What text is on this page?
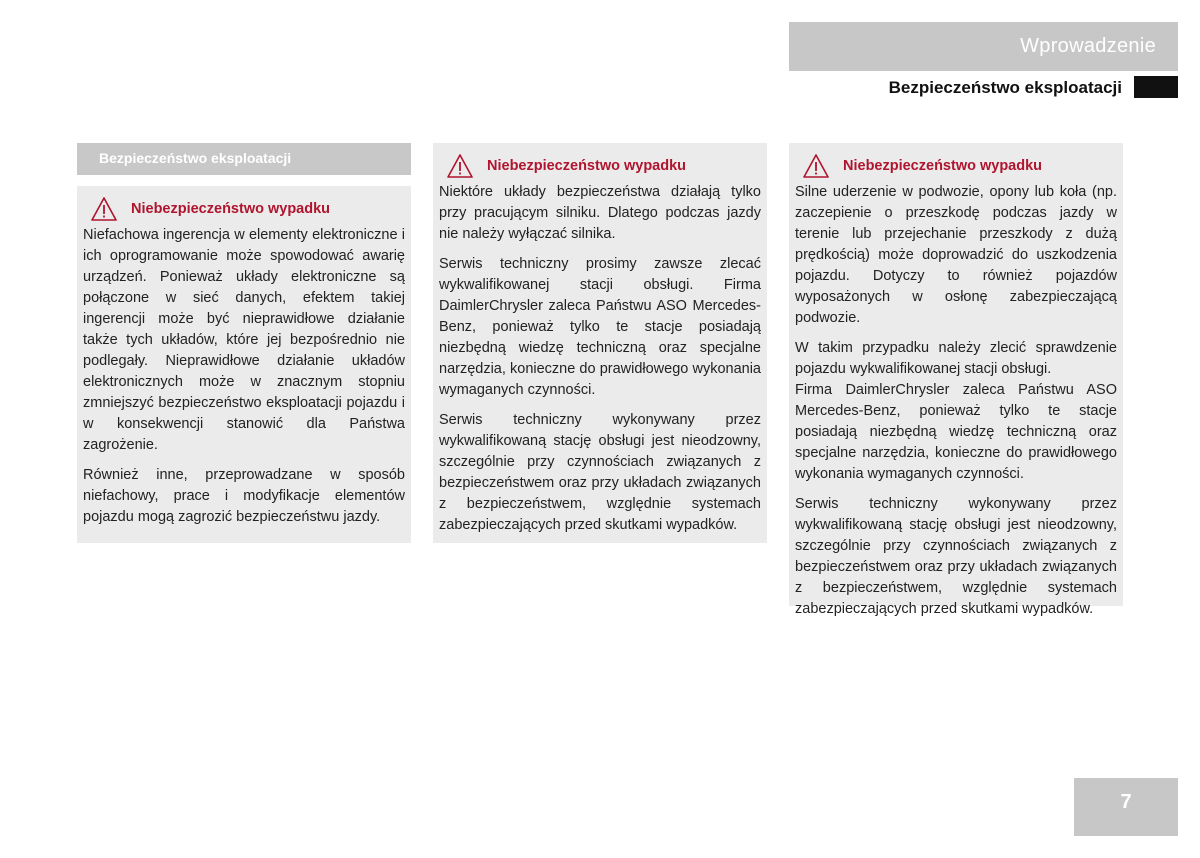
Wprowadzenie
Bezpieczeństwo eksploatacji
Bezpieczeństwo eksploatacji
Niebezpieczeństwo wypadku

Niefachowa ingerencja w elementy elektroniczne i ich oprogramowanie może spowodować awarię urządzeń. Ponieważ układy elektroniczne są połączone w sieć danych, efektem takiej ingerencji może być nieprawidłowe działanie także tych układów, które jej bezpośrednio nie podlegały. Nieprawidłowe działanie układów elektronicznych może w znacznym stopniu zmniejszyć bezpieczeństwo eksploatacji pojazdu i w konsekwencji stanowić dla Państwa zagrożenie.

Również inne, przeprowadzane w sposób niefachowy, prace i modyfikacje elementów pojazdu mogą zagrozić bezpieczeństwu jazdy.

Niebezpieczeństwo wypadku

Niektóre układy bezpieczeństwa działają tylko przy pracującym silniku. Dlatego podczas jazdy nie należy wyłączać silnika.

Serwis techniczny prosimy zawsze zlecać wykwalifikowanej stacji obsługi. Firma DaimlerChrysler zaleca Państwu ASO Mercedes-Benz, ponieważ tylko te stacje posiadają niezbędną wiedzę techniczną oraz specjalne narzędzia, konieczne do prawidłowego wykonania wymaganych czynności.

Serwis techniczny wykonywany przez wykwalifikowaną stację obsługi jest nieodzowny, szczególnie przy czynnościach związanych z bezpieczeństwem oraz przy układach związanych z bezpieczeństwem, względnie systemach zabezpieczających przed skutkami wypadków.

Niebezpieczeństwo wypadku

Silne uderzenie w podwozie, opony lub koła (np. zaczepienie o przeszkodę podczas jazdy w terenie lub przejechanie przeszkody z dużą prędkością) może doprowadzić do uszkodzenia pojazdu. Dotyczy to również pojazdów wyposażonych w osłonę zabezpieczającą podwozie.

W takim przypadku należy zlecić sprawdzenie pojazdu wykwalifikowanej stacji obsługi.

Firma DaimlerChrysler zaleca Państwu ASO Mercedes-Benz, ponieważ tylko te stacje posiadają niezbędną wiedzę techniczną oraz specjalne narzędzia, konieczne do prawidłowego wykonania wymaganych czynności.

Serwis techniczny wykonywany przez wykwalifikowaną stację obsługi jest nieodzowny, szczególnie przy czynnościach związanych z bezpieczeństwem oraz przy układach związanych z bezpieczeństwem, względnie systemach zabezpieczających przed skutkami wypadków.

7
